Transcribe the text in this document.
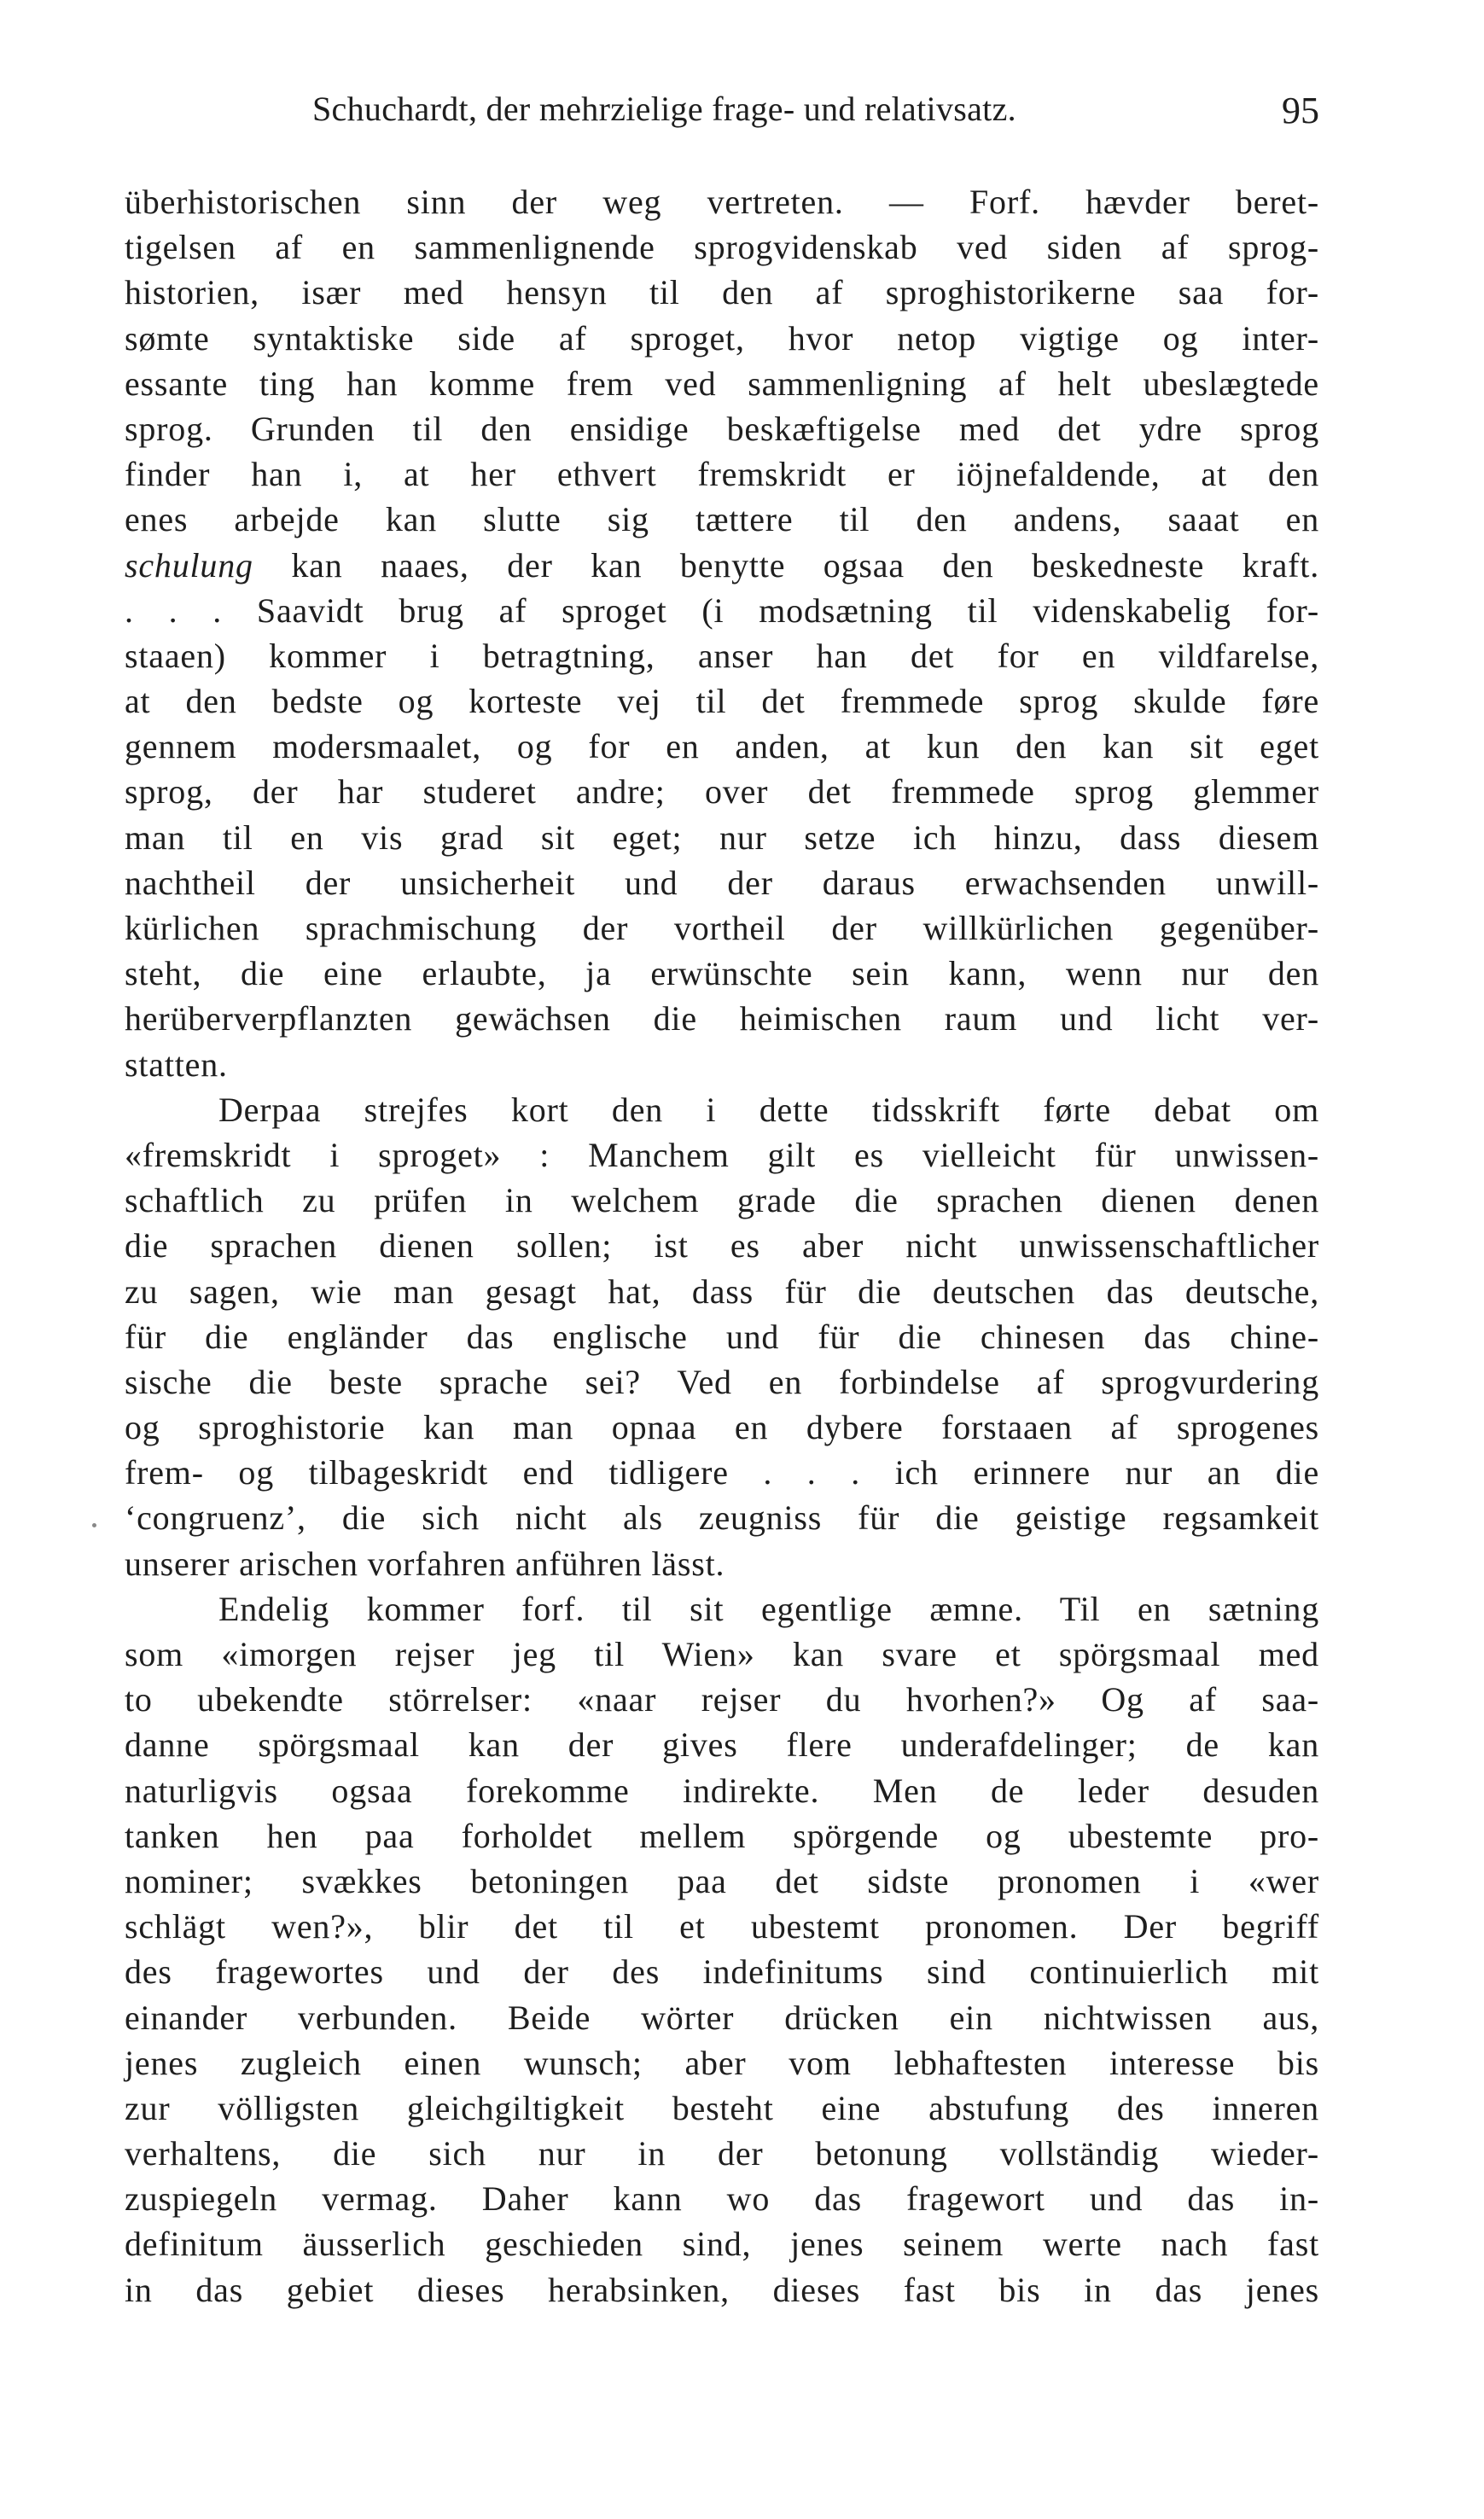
Schuchardt, der mehrzielige frage- und relativsatz.	95
überhistorischen sinn der weg vertreten. — Forf. hævder beret-
tigelsen af en sammenlignende sprogvidenskab ved siden af sprog-
historien, især med hensyn til den af sproghistorikerne saa for-
sømte syntaktiske side af sproget, hvor netop vigtige og inter-
essante ting han komme frem ved sammenligning af helt ubeslægtede
sprog. Grunden til den ensidige beskæftigelse med det ydre sprog
finder han i, at her ethvert fremskridt er iöjnefaldende, at den
enes arbejde kan slutte sig tættere til den andens, saaat en
schulung kan naaes, der kan benytte ogsaa den beskedneste kraft.
. . . Saavidt brug af sproget (i modsætning til videnskabelig for-
staaen) kommer i betragtning, anser han det for en vildfarelse,
at den bedste og korteste vej til det fremmede sprog skulde føre
gennem modersmaalet, og for en anden, at kun den kan sit eget
sprog, der har studeret andre; over det fremmede sprog glemmer
man til en vis grad sit eget; nur setze ich hinzu, dass diesem
nachtheil der unsicherheit und der daraus erwachsenden unwill-
kürlichen sprachmischung der vortheil der willkürlichen gegenüber-
steht, die eine erlaubte, ja erwünschte sein kann, wenn nur den
herüberverpflanzten gewächsen die heimischen raum und licht ver-
statten.
Derpaa strejfes kort den i dette tidsskrift førte debat om
«fremskridt i sproget» : Manchem gilt es vielleicht für unwissen-
schaftlich zu prüfen in welchem grade die sprachen dienen denen
die sprachen dienen sollen; ist es aber nicht unwissenschaftlicher
zu sagen, wie man gesagt hat, dass für die deutschen das deutsche,
für die engländer das englische und für die chinesen das chine-
sische die beste sprache sei? Ved en forbindelse af sprogvurdering
og sproghistorie kan man opnaa en dybere forstaaen af sprogenes
frem- og tilbageskridt end tidligere . . . ich erinnere nur an die
‘congruenz’, die sich nicht als zeugniss für die geistige regsamkeit
unserer arischen vorfahren anführen lässt.
Endelig kommer forf. til sit egentlige æmne. Til en sætning
som «imorgen rejser jeg til Wien» kan svare et spörgsmaal med
to ubekendte störrelser: «naar rejser du hvorhen?» Og af saa-
danne spörgsmaal kan der gives flere underafdelinger; de kan
naturligvis ogsaa forekomme indirekte. Men de leder desuden
tanken hen paa forholdet mellem spörgende og ubestemte pro-
nominer; svækkes betoningen paa det sidste pronomen i «wer
schlägt wen?», blir det til et ubestemt pronomen. Der begriff
des fragewortes und der des indefinitums sind continuierlich mit
einander verbunden. Beide wörter drücken ein nichtwissen aus,
jenes zugleich einen wunsch; aber vom lebhaftesten interesse bis
zur völligsten gleichgiltigkeit besteht eine abstufung des inneren
verhaltens, die sich nur in der betonung vollständig wieder-
zuspiegeln vermag. Daher kann wo das fragewort und das in-
definitum äusserlich geschieden sind, jenes seinem werte nach fast
in das gebiet dieses herabsinken, dieses fast bis in das jenes
